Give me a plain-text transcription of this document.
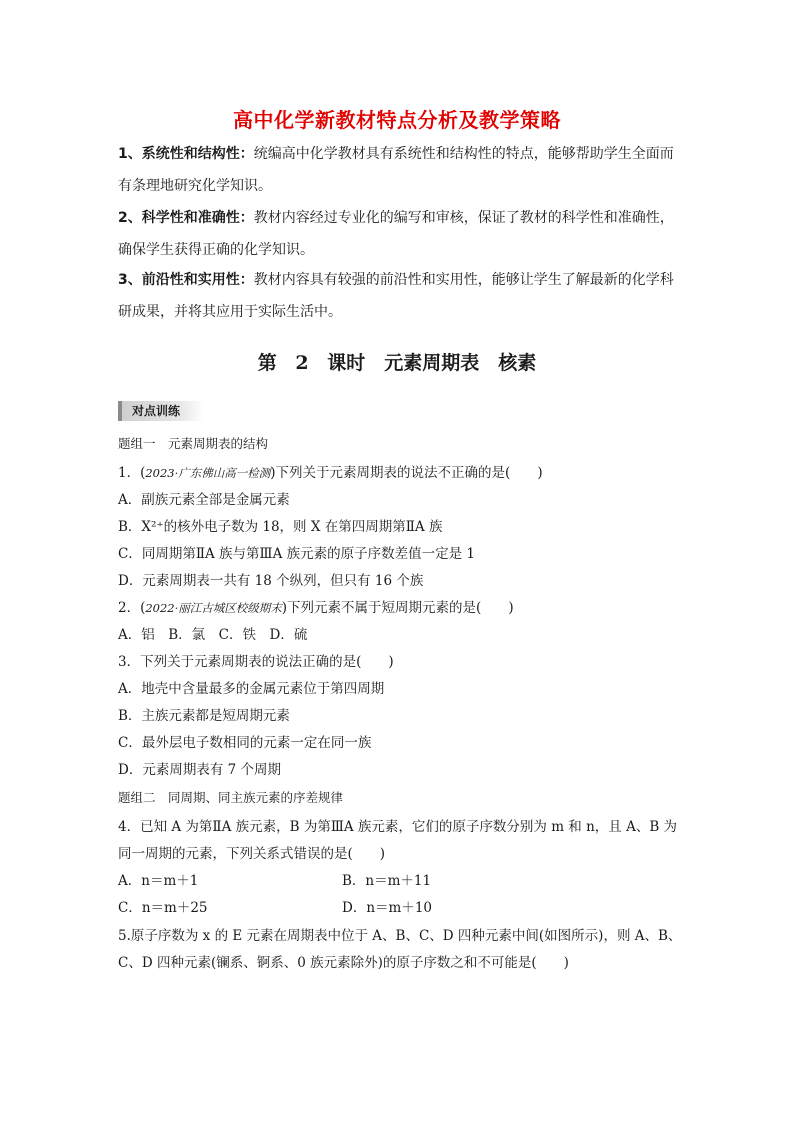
高中化学新教材特点分析及教学策略
1、系统性和结构性：统编高中化学教材具有系统性和结构性的特点，能够帮助学生全面而
有条理地研究化学知识。
2、科学性和准确性：教材内容经过专业化的编写和审核，保证了教材的科学性和准确性，
确保学生获得正确的化学知识。
3、前沿性和实用性：教材内容具有较强的前沿性和实用性，能够让学生了解最新的化学科
研成果，并将其应用于实际生活中。
第 2 课时　元素周期表　核素
对点训练
题组一　元素周期表的结构
1．(2023·广东佛山高一检测)下列关于元素周期表的说法不正确的是(　　)
A．副族元素全部是金属元素
B．X²⁺的核外电子数为 18，则 X 在第四周期第ⅡA 族
C．同周期第ⅡA 族与第ⅢA 族元素的原子序数差值一定是 1
D．元素周期表一共有 18 个纵列，但只有 16 个族
2．(2022·丽江古城区校级期末)下列元素不属于短周期元素的是(　　)
A．铝　B．氯　C．铁　D．硫
3．下列关于元素周期表的说法正确的是(　　)
A．地壳中含量最多的金属元素位于第四周期
B．主族元素都是短周期元素
C．最外层电子数相同的元素一定在同一族
D．元素周期表有 7 个周期
题组二　同周期、同主族元素的序差规律
4．已知 A 为第ⅡA 族元素，B 为第ⅢA 族元素，它们的原子序数分别为 m 和 n，且 A、B 为
同一周期的元素，下列关系式错误的是(　　)
A．n＝m＋1	B．n＝m＋11
C．n＝m＋25	D．n＝m＋10
5.原子序数为 x 的 E 元素在周期表中位于 A、B、C、D 四种元素中间(如图所示)，则 A、B、
C、D 四种元素(镧系、锕系、0 族元素除外)的原子序数之和不可能是(　　)
